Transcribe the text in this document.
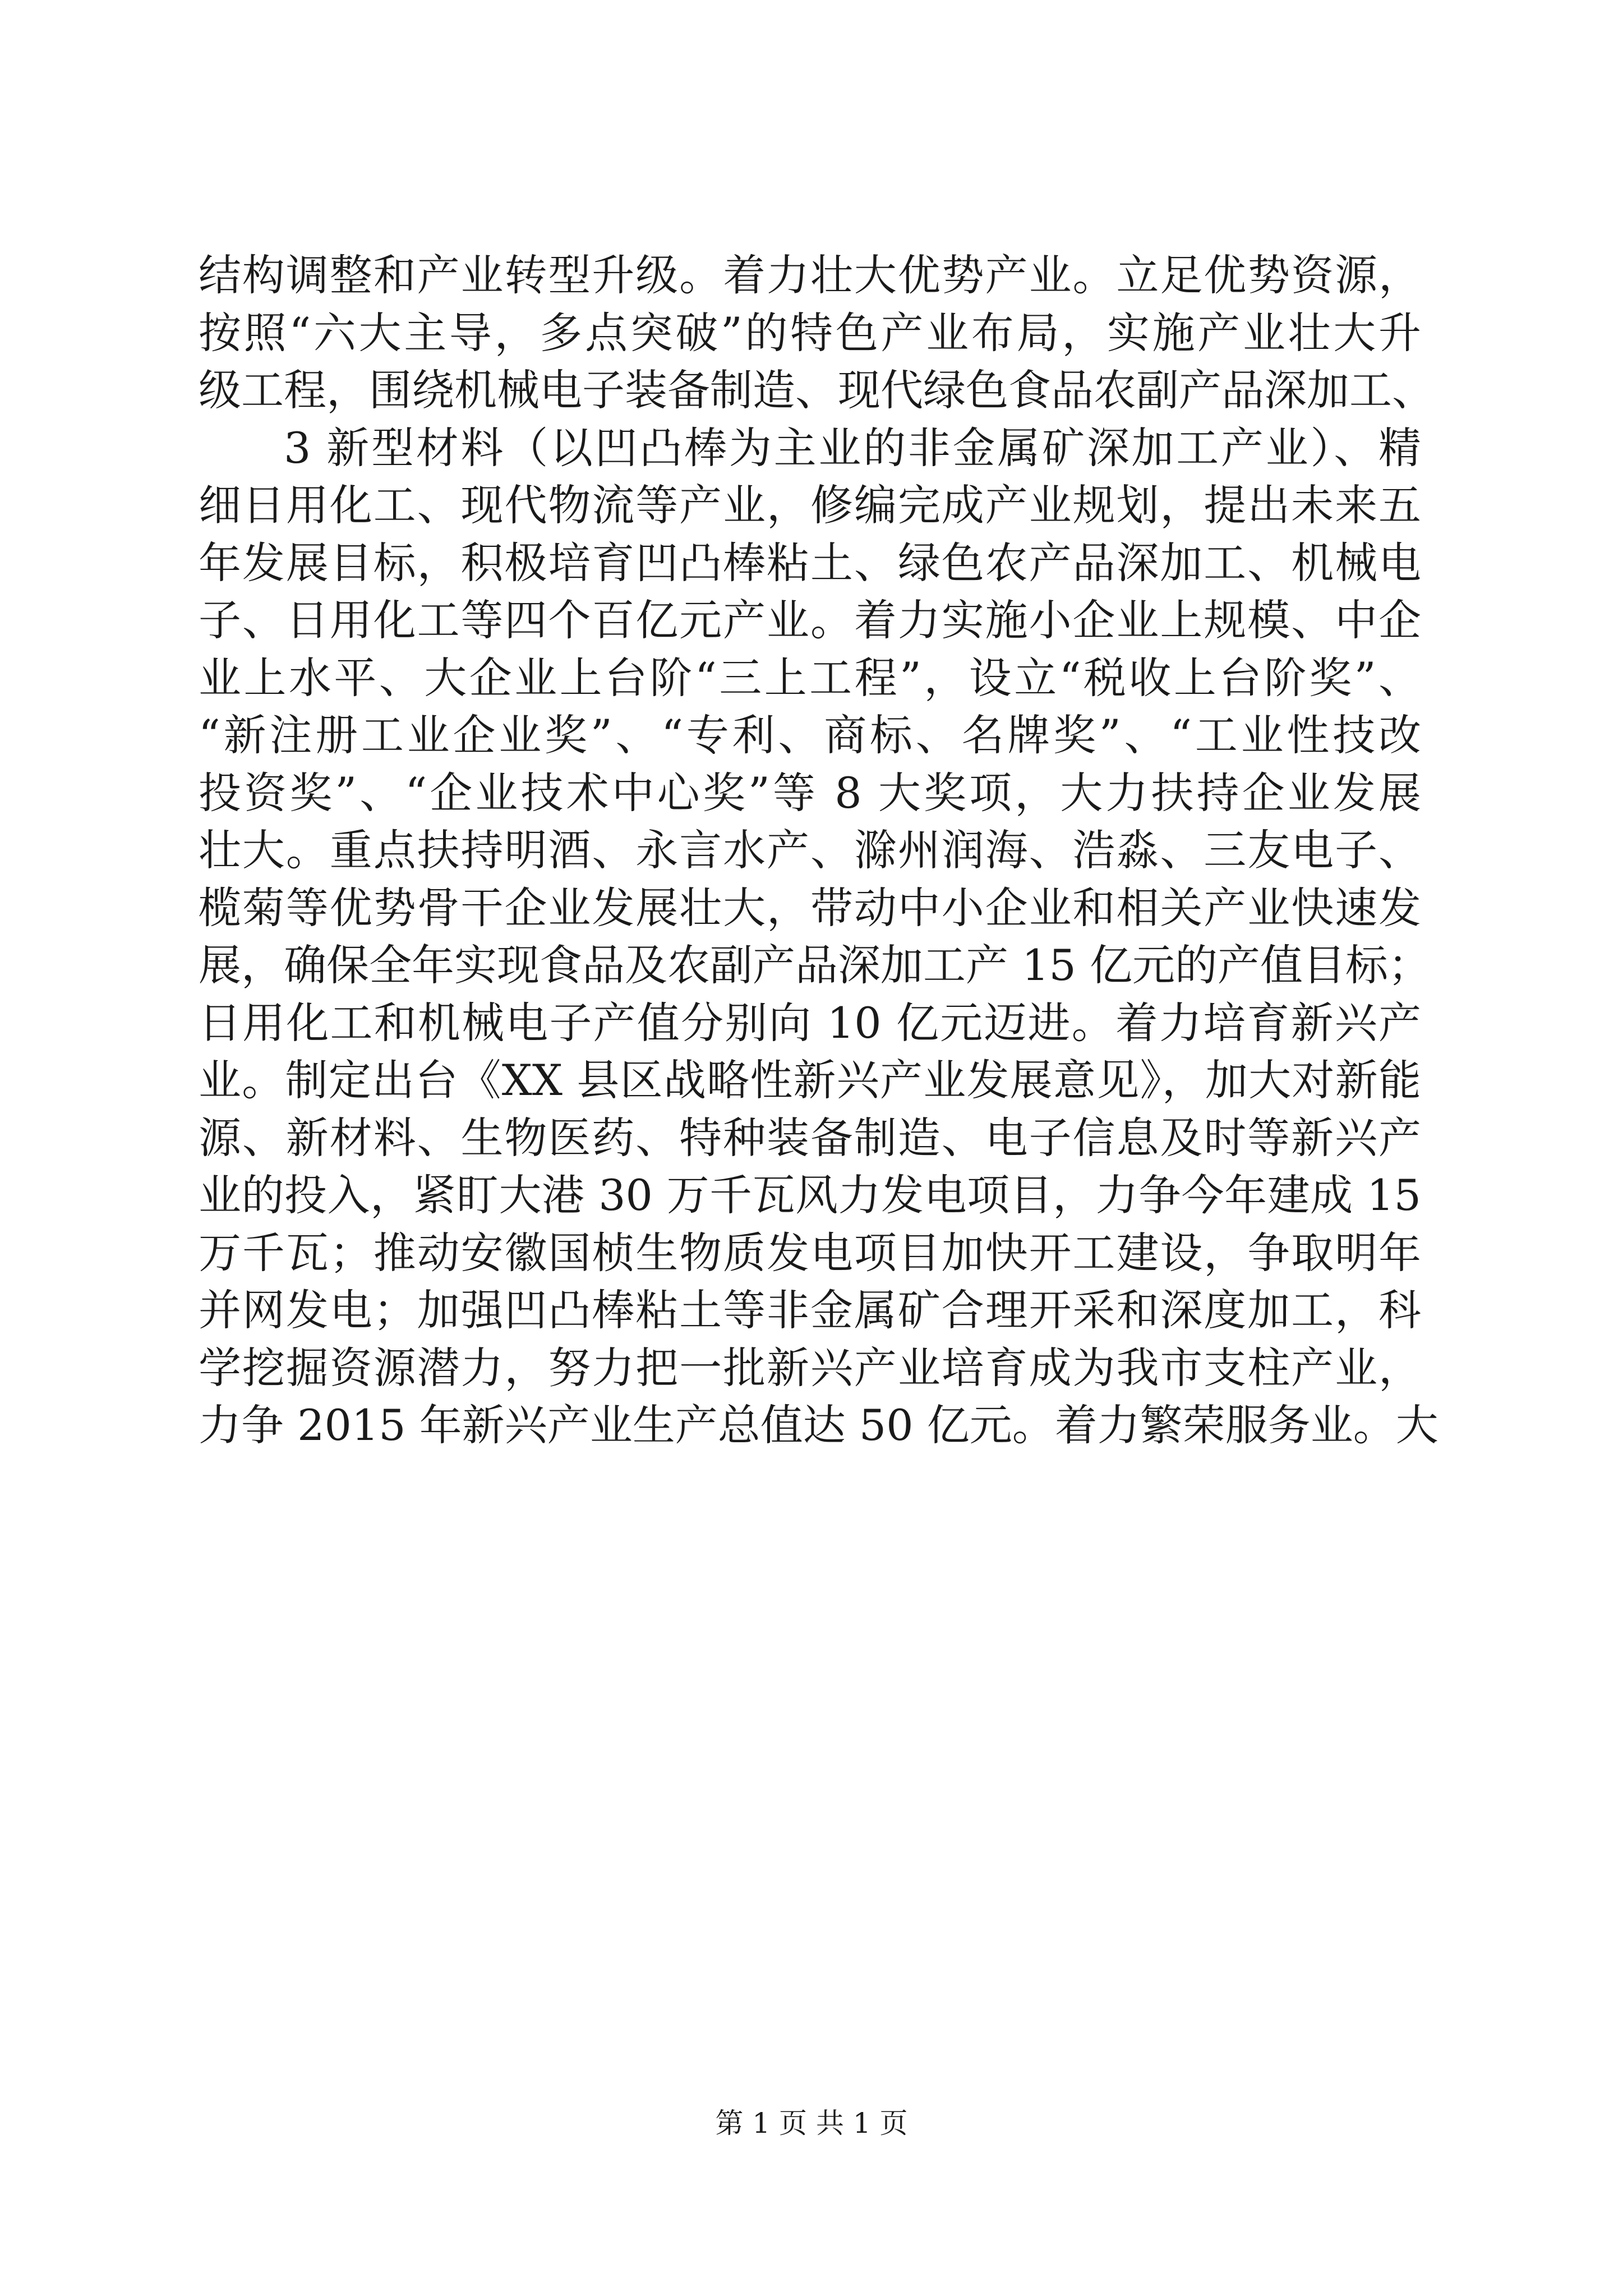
结构调整和产业转型升级。着力壮大优势产业。立足优势资源，
按照“六大主导，多点突破”的特色产业布局，实施产业壮大升
级工程，围绕机械电子装备制造、现代绿色食品农副产品深加工、
3 新型材料（以凹凸棒为主业的非金属矿深加工产业）、精
细日用化工、现代物流等产业，修编完成产业规划，提出未来五
年发展目标，积极培育凹凸棒粘土、绿色农产品深加工、机械电
子、日用化工等四个百亿元产业。着力实施小企业上规模、中企
业上水平、大企业上台阶“三上工程”，设立“税收上台阶奖”、
“新注册工业企业奖”、“专利、商标、名牌奖”、“工业性技改
投资奖”、“企业技术中心奖”等 8 大奖项，大力扶持企业发展
壮大。重点扶持明酒、永言水产、滁州润海、浩淼、三友电子、
榄菊等优势骨干企业发展壮大，带动中小企业和相关产业快速发
展，确保全年实现食品及农副产品深加工产 15 亿元的产值目标；
日用化工和机械电子产值分别向 10 亿元迈进。着力培育新兴产
业。制定出台《XX 县区战略性新兴产业发展意见》，加大对新能
源、新材料、生物医药、特种装备制造、电子信息及时等新兴产
业的投入，紧盯大港 30 万千瓦风力发电项目，力争今年建成 15
万千瓦；推动安徽国桢生物质发电项目加快开工建设，争取明年
并网发电；加强凹凸棒粘土等非金属矿合理开采和深度加工，科
学挖掘资源潜力，努力把一批新兴产业培育成为我市支柱产业，
力争 2015 年新兴产业生产总值达 50 亿元。着力繁荣服务业。大
第 1 页 共 1 页
